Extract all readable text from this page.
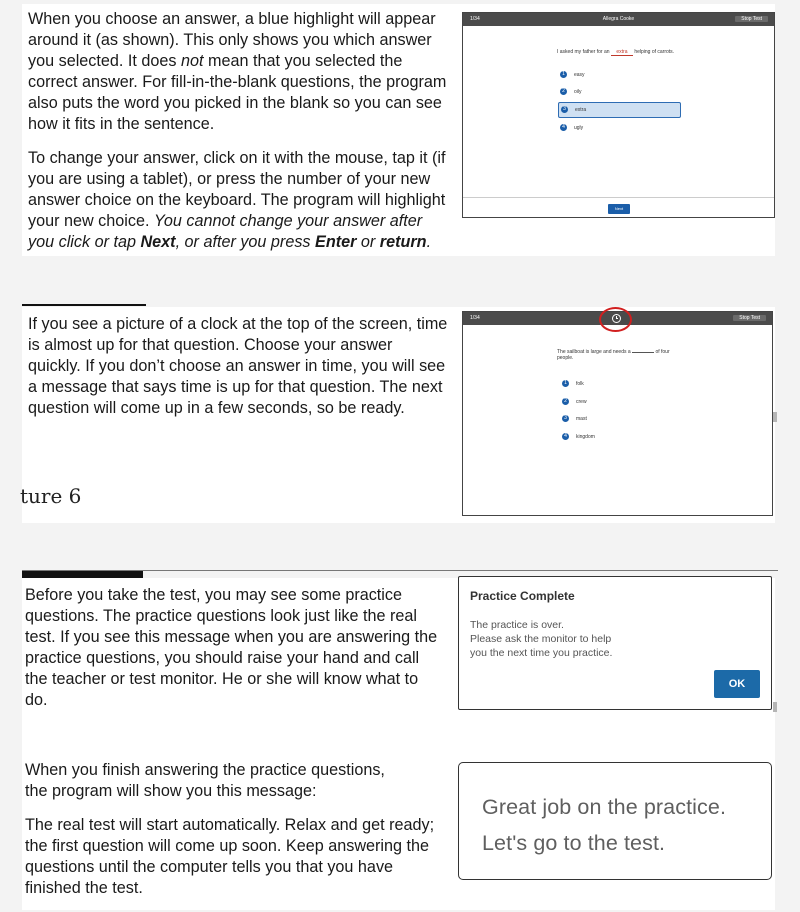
When you choose an answer, a blue highlight will appear around it (as shown). This only shows you which answer you selected. It does not mean that you selected the correct answer. For fill-in-the-blank questions, the program also puts the word you picked in the blank so you can see how it fits in the sentence.

To change your answer, click on it with the mouse, tap it (if you are using a tablet), or press the number of your new answer choice on the keyboard. The program will highlight your new choice. You cannot change your answer after you click or tap Next, or after you press Enter or return.

1/34	Allegra Cooke	Stop Test
I asked my father for an extra helping of carrots.
1	easy
2	oily
3	extra
4	ugly
Next

If you see a picture of a clock at the top of the screen, time is almost up for that question. Choose your answer quickly. If you don’t choose an answer in time, you will see a message that says time is up for that question. The next question will come up in a few seconds, so be ready.

ture 6
1/34	Stop Test
The sailboat is large and needs a	of four people.
1	folk
2	crew
3	mast
4	kingdom

Before you take the test, you may see some practice questions. The practice questions look just like the real test. If you see this message when you are answering the practice questions, you should raise your hand and call the teacher or test monitor. He or she will know what to do.

When you finish answering the practice questions,

the program will show you this message:

The real test will start automatically. Relax and get ready; the first question will come up soon. Keep answering the questions until the computer tells you that you have finished the test.

Practice Complete
The practice is over.
Please ask the monitor to help
you the next time you practice.
OK
Great job on the practice.
Let's go to the test.
